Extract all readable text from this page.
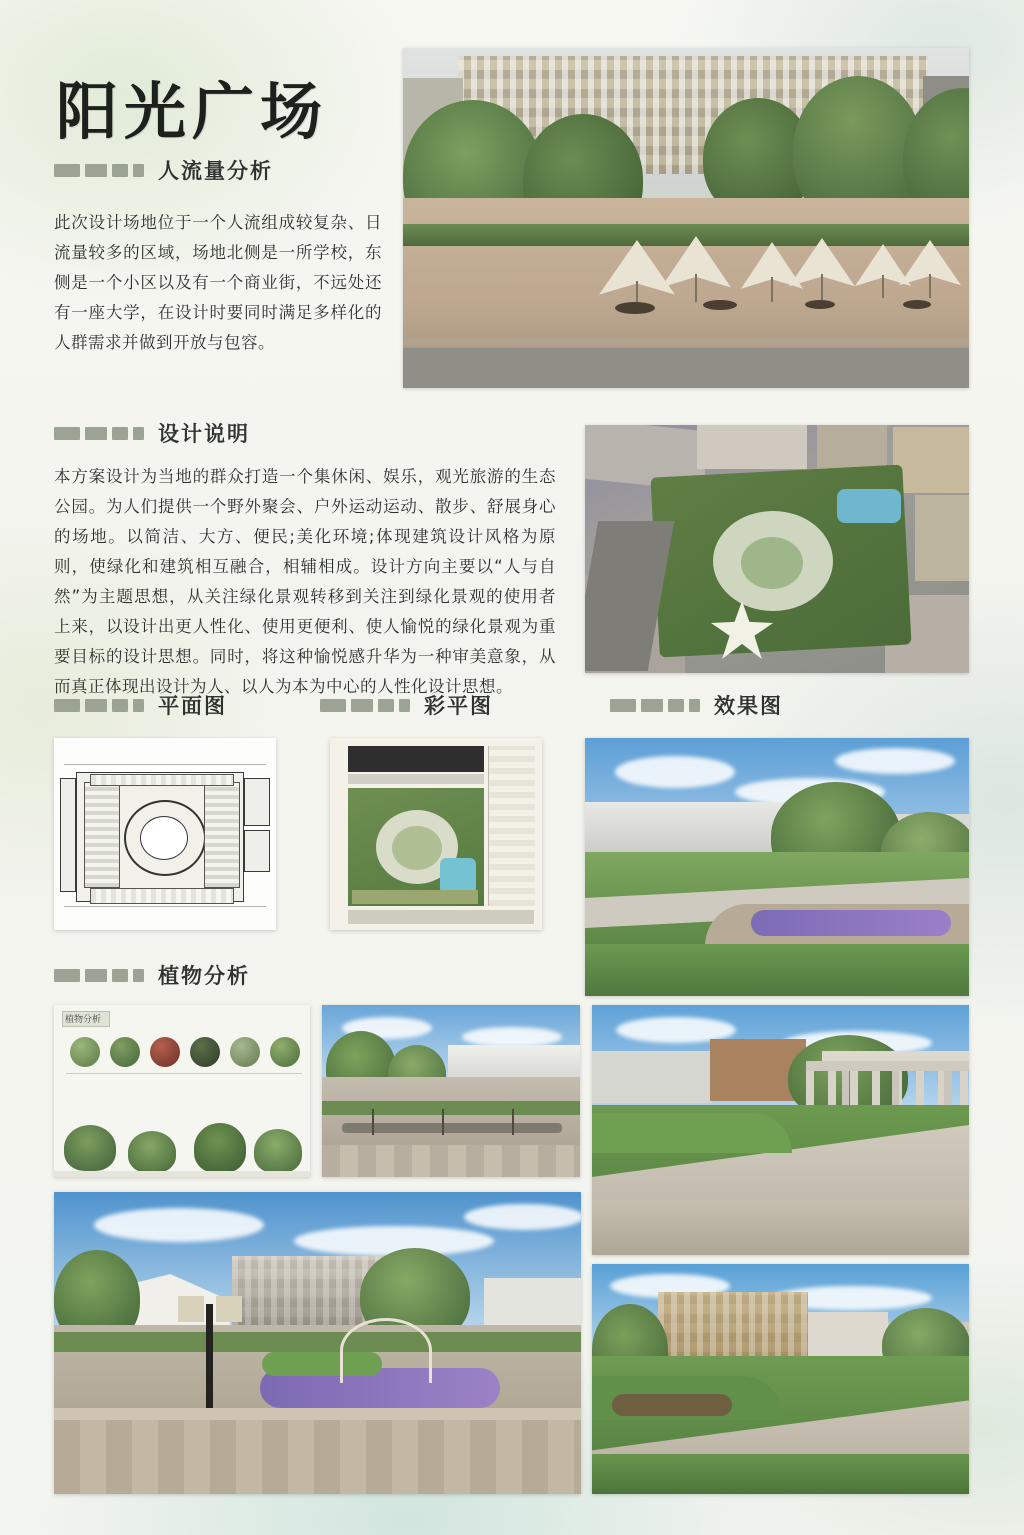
阳光广场
人流量分析
此次设计场地位于一个人流组成较复杂、日流量较多的区域，场地北侧是一所学校，东侧是一个小区以及有一个商业街，不远处还有一座大学，在设计时要同时满足多样化的人群需求并做到开放与包容。
设计说明
本方案设计为当地的群众打造一个集休闲、娱乐，观光旅游的生态公园。为人们提供一个野外聚会、户外运动运动、散步、舒展身心的场地。以简洁、大方、便民;美化环境;体现建筑设计风格为原则，使绿化和建筑相互融合，相辅相成。设计方向主要以“人与自然”为主题思想，从关注绿化景观转移到关注到绿化景观的使用者上来，以设计出更人性化、使用更便利、使人愉悦的绿化景观为重要目标的设计思想。同时，将这种愉悦感升华为一种审美意象，从而真正体现出设计为人、以人为本为中心的人性化设计思想。
平面图	彩平图	效果图
植物分析
植物分析
